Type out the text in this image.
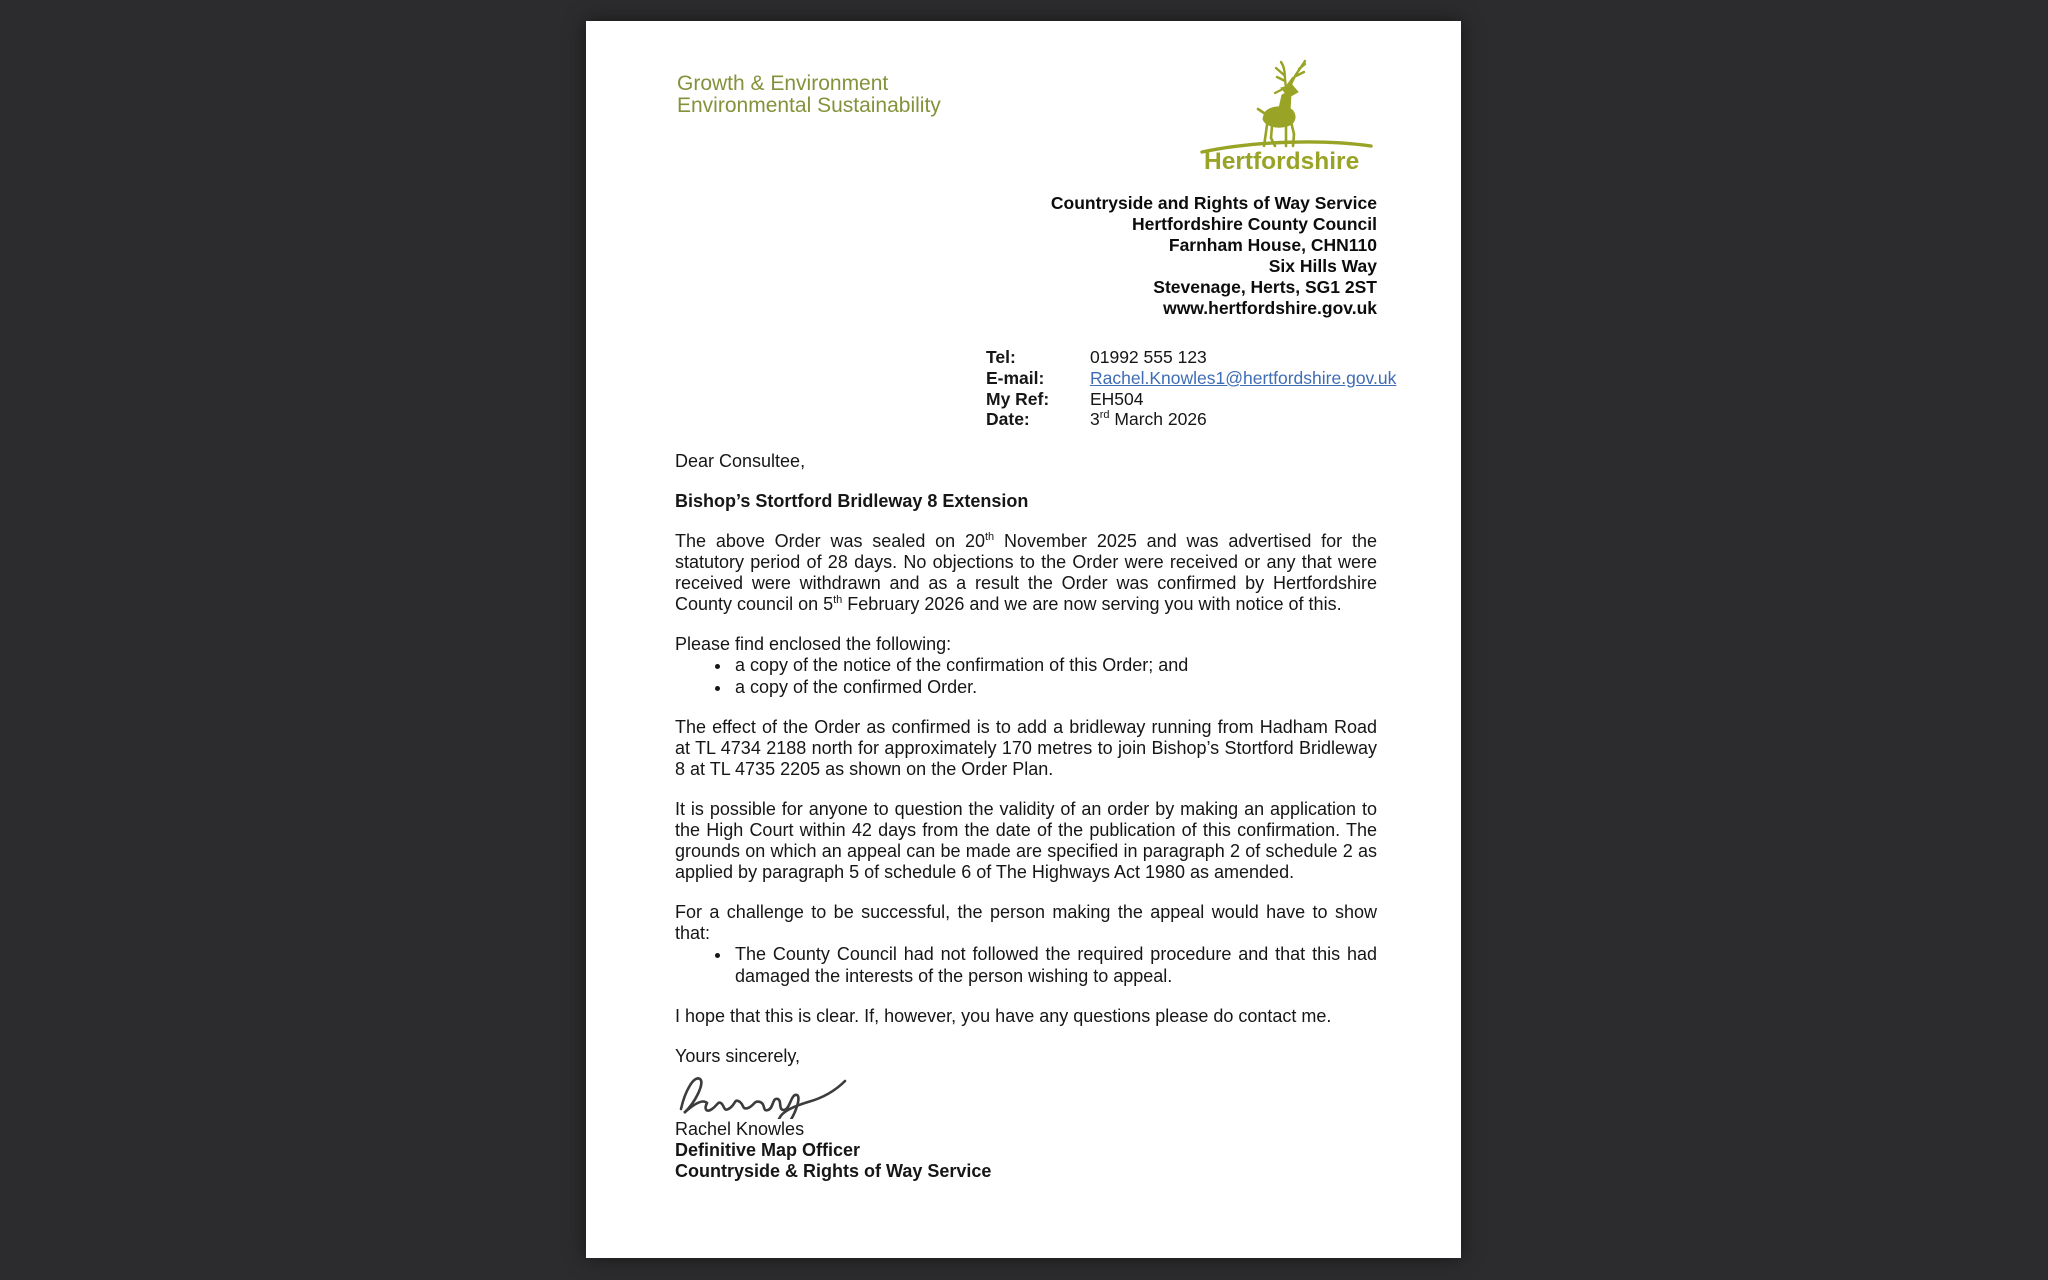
Growth & Environment
Environmental Sustainability
Hertfordshire
Countryside and Rights of Way Service
Hertfordshire County Council
Farnham House, CHN110
Six Hills Way
Stevenage, Herts, SG1 2ST
www.hertfordshire.gov.uk
Tel:	01992 555 123
E-mail:	Rachel.Knowles1@hertfordshire.gov.uk
My Ref:	EH504
Date:	3rd March 2026

Dear Consultee,

Bishop’s Stortford Bridleway 8 Extension

The above Order was sealed on 20th November 2025 and was advertised for the statutory period of 28 days. No objections to the Order were received or any that were received were withdrawn and as a result the Order was confirmed by Hertfordshire County council on 5th February 2026 and we are now serving you with notice of this.

Please find enclosed the following:

• a copy of the notice of the confirmation of this Order; and
• a copy of the confirmed Order.

The effect of the Order as confirmed is to add a bridleway running from Hadham Road at TL 4734 2188 north for approximately 170 metres to join Bishop’s Stortford Bridleway 8 at TL 4735 2205 as shown on the Order Plan.

It is possible for anyone to question the validity of an order by making an application to the High Court within 42 days from the date of the publication of this confirmation. The grounds on which an appeal can be made are specified in paragraph 2 of schedule 2 as applied by paragraph 5 of schedule 6 of The Highways Act 1980 as amended.

For a challenge to be successful, the person making the appeal would have to show that:

• The County Council had not followed the required procedure and that this had damaged the interests of the person wishing to appeal.

I hope that this is clear. If, however, you have any questions please do contact me.

Yours sincerely,

Rachel Knowles

Definitive Map Officer

Countryside & Rights of Way Service
